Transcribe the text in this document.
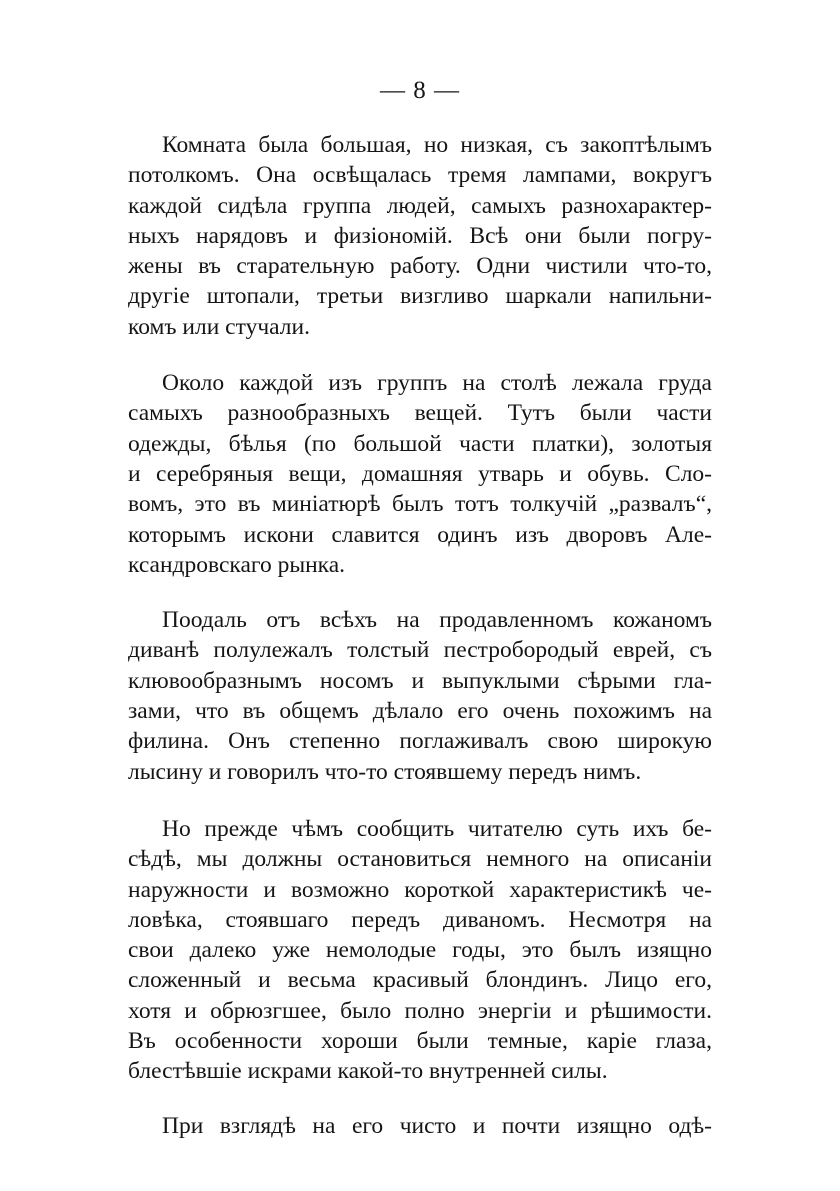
— 8 —
Комната была большая, но низкая, съ закоптѣлымъ
потолкомъ. Она освѣщалась тремя лампами, вокругъ
каждой сидѣла группа людей, самыхъ разнохарактер-
ныхъ нарядовъ и физіономій. Всѣ они были погру-
жены въ старательную работу. Одни чистили что-то,
другіе штопали, третьи визгливо шаркали напильни-
комъ или стучали.
Около каждой изъ группъ на столѣ лежала груда
самыхъ разнообразныхъ вещей. Тутъ были части
одежды, бѣлья (по большой части платки), золотыя
и серебряныя вещи, домашняя утварь и обувь. Сло-
вомъ, это въ миніатюрѣ былъ тотъ толкучій „развалъ“,
которымъ искони славится одинъ изъ дворовъ Але-
ксандровскаго рынка.
Поодаль отъ всѣхъ на продавленномъ кожаномъ
диванѣ полулежалъ толстый пестробородый еврей, съ
клювообразнымъ носомъ и выпуклыми сѣрыми гла-
зами, что въ общемъ дѣлало его очень похожимъ на
филина. Онъ степенно поглаживалъ свою широкую
лысину и говорилъ что-то стоявшему передъ нимъ.
Но прежде чѣмъ сообщить читателю суть ихъ бе-
сѣдѣ, мы должны остановиться немного на описаніи
наружности и возможно короткой характеристикѣ че-
ловѣка, стоявшаго передъ диваномъ. Несмотря на
свои далеко уже немолодые годы, это былъ изящно
сложенный и весьма красивый блондинъ. Лицо его,
хотя и обрюзгшее, было полно энергіи и рѣшимости.
Въ особенности хороши были темные, каріе глаза,
блестѣвшіе искрами какой-то внутренней силы.
При взглядѣ на его чисто и почти изящно одѣ-
